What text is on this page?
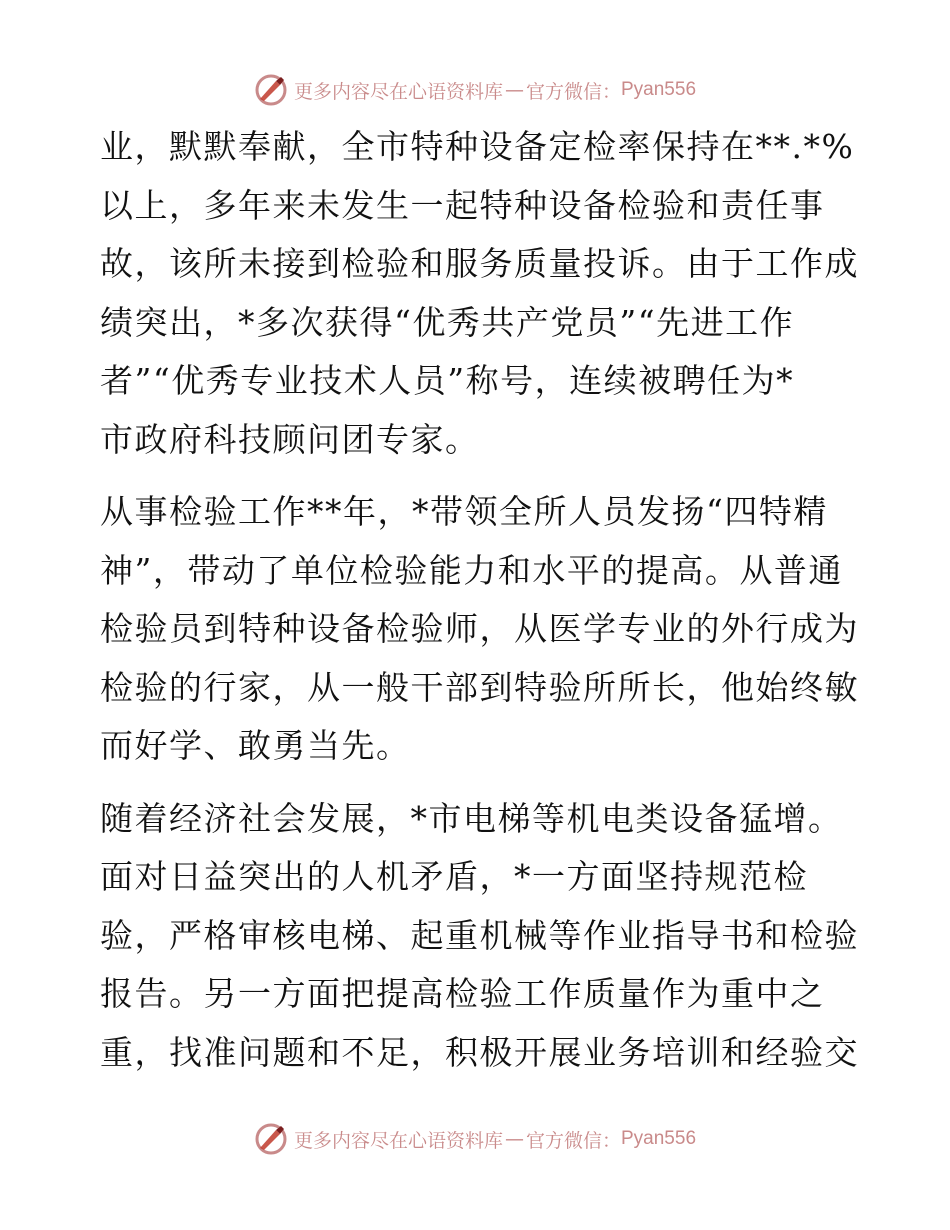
更多内容尽在心语资料库 — 官方微信： Pyan556
业，默默奉献，全市特种设备定检率保持在**.*%
以上，多年来未发生一起特种设备检验和责任事
故，该所未接到检验和服务质量投诉。由于工作成
绩突出，*多次获得“优秀共产党员”“先进工作
者”“优秀专业技术人员”称号，连续被聘任为*
市政府科技顾问团专家。
从事检验工作**年，*带领全所人员发扬“四特精
神”，带动了单位检验能力和水平的提高。从普通
检验员到特种设备检验师，从医学专业的外行成为
检验的行家，从一般干部到特验所所长，他始终敏
而好学、敢勇当先。
随着经济社会发展，*市电梯等机电类设备猛增。
面对日益突出的人机矛盾，*一方面坚持规范检
验，严格审核电梯、起重机械等作业指导书和检验
报告。另一方面把提高检验工作质量作为重中之
重，找准问题和不足，积极开展业务培训和经验交
更多内容尽在心语资料库 — 官方微信： Pyan556
